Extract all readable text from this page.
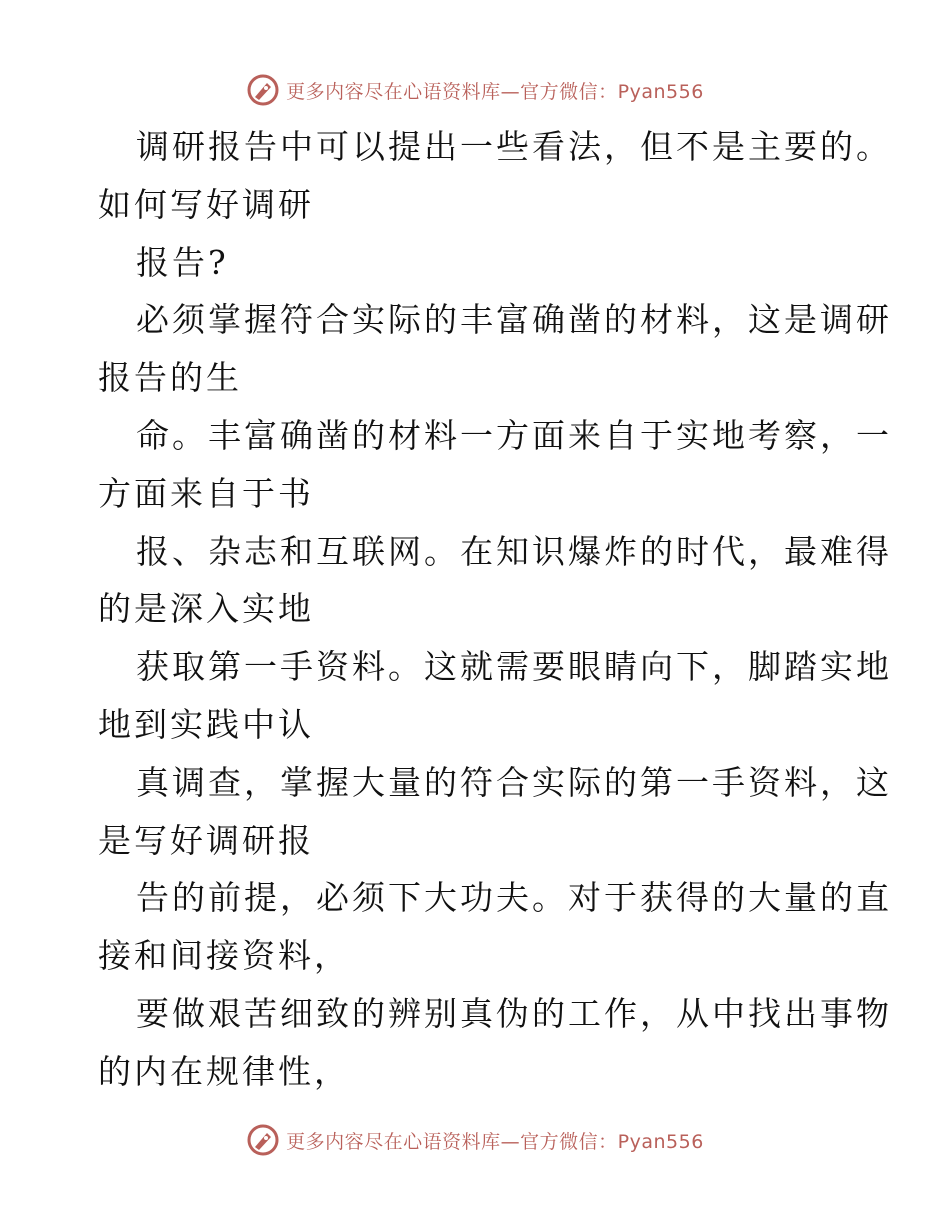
更多内容尽在心语资料库—官方微信：Pyan556
调研报告中可以提出一些看法，但不是主要的。
如何写好调研
报告?
必须掌握符合实际的丰富确凿的材料，这是调研
报告的生
命。丰富确凿的材料一方面来自于实地考察，一
方面来自于书
报、杂志和互联网。在知识爆炸的时代，最难得
的是深入实地
获取第一手资料。这就需要眼睛向下，脚踏实地
地到实践中认
真调查，掌握大量的符合实际的第一手资料，这
是写好调研报
告的前提，必须下大功夫。对于获得的大量的直
接和间接资料，
要做艰苦细致的辨别真伪的工作，从中找出事物
的内在规律性，
更多内容尽在心语资料库—官方微信：Pyan556
